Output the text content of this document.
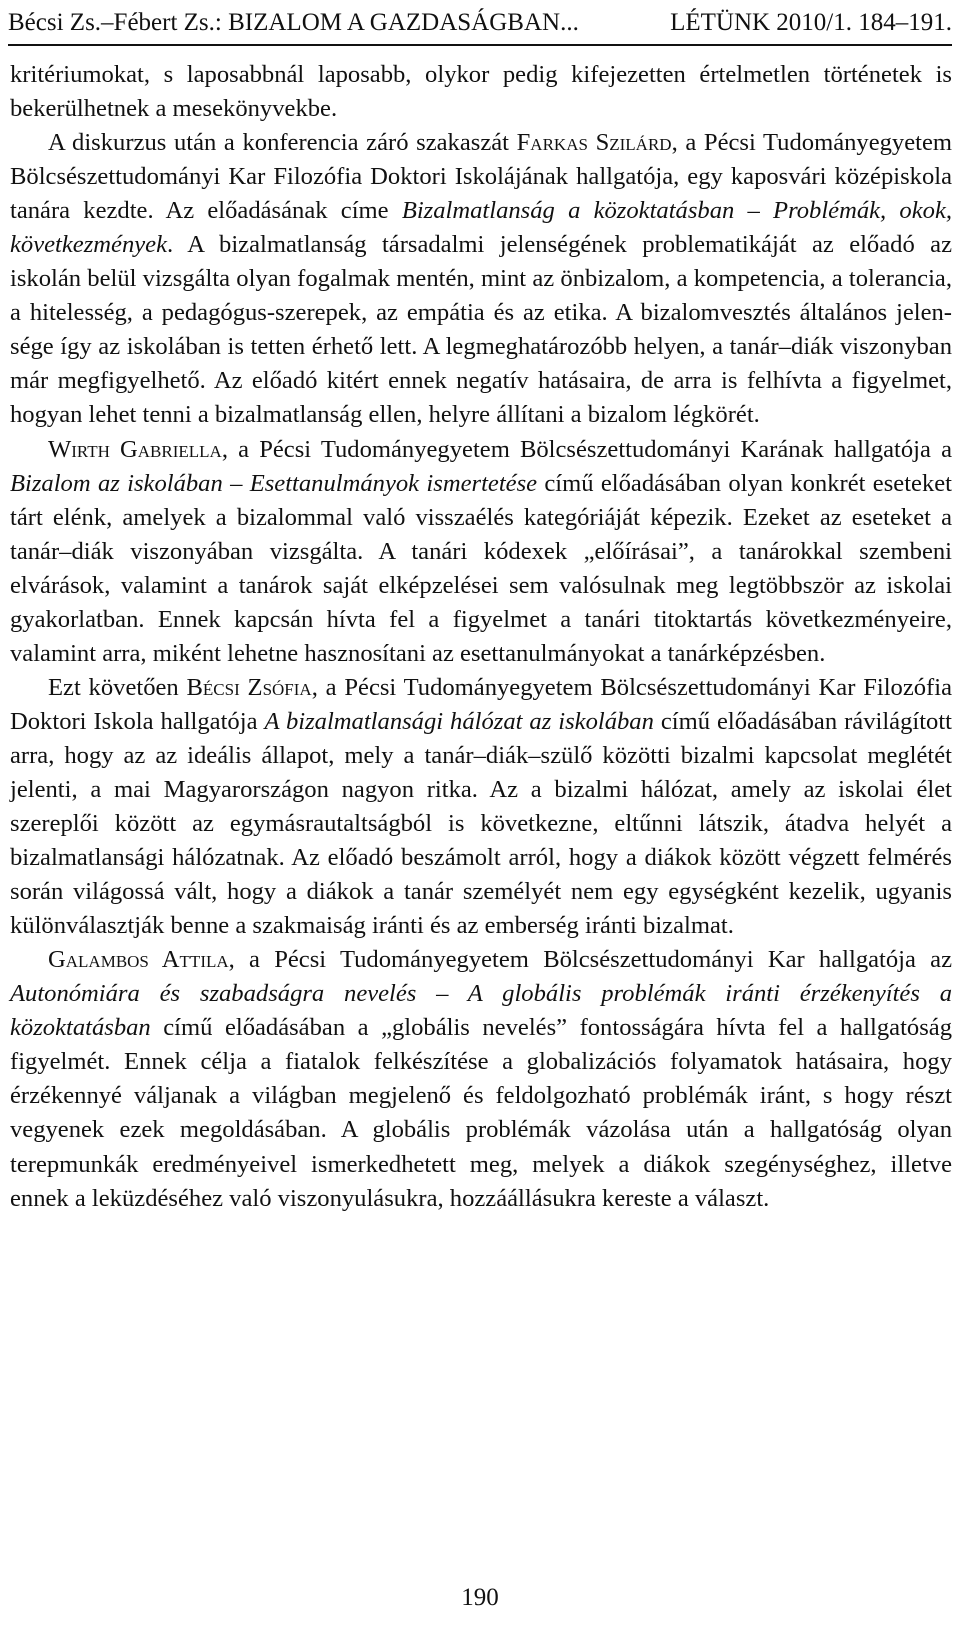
Bécsi Zs.–Fébert Zs.: BIZALOM A GAZDASÁGBAN...	LÉTÜNK 2010/1. 184–191.

kritériumokat, s laposabbnál laposabb, olykor pedig kifejezetten értelmetlen történetek is bekerülhetnek a mesekönyvekbe.

A diskurzus után a konferencia záró szakaszát Farkas Szilárd, a Pécsi Tudományegyetem Bölcsészettudományi Kar Filozófia Doktori Iskolájának hallgatója, egy kaposvári középiskola tanára kezdte. Az előadásának címe Bizalmatlanság a közoktatásban – Problémák, okok, következmények. A bizalmatlanság társadalmi jelenségének problematikáját az előadó az iskolán belül vizsgálta olyan fogalmak mentén, mint az önbizalom, a kompetencia, a tolerancia, a hitelesség, a pedagógus-szerepek, az empátia és az etika. A bizalomvesztés általános jelensége így az iskolában is tetten érhető lett. A legmeghatározóbb helyen, a tanár–diák viszonyban már megfigyelhető. Az előadó kitért ennek negatív hatásaira, de arra is felhívta a figyelmet, hogyan lehet tenni a bizalmatlanság ellen, helyre állítani a bizalom légkörét.

Wirth Gabriella, a Pécsi Tudományegyetem Bölcsészettudományi Karának hallgatója a Bizalom az iskolában – Esettanulmányok ismertetése című előadásában olyan konkrét eseteket tárt elénk, amelyek a bizalommal való visszaélés kategóriáját képezik. Ezeket az eseteket a tanár–diák viszonyában vizsgálta. A tanári kódexek „előírásai”, a tanárokkal szembeni elvárások, valamint a tanárok saját elképzelései sem valósulnak meg legtöbbször az iskolai gyakorlatban. Ennek kapcsán hívta fel a figyelmet a tanári titoktartás következményeire, valamint arra, miként lehetne hasznosítani az esettanulmányokat a tanárképzésben.

Ezt követően Bécsi Zsófia, a Pécsi Tudományegyetem Bölcsészettudományi Kar Filozófia Doktori Iskola hallgatója A bizalmatlansági hálózat az iskolában című előadásában rávilágított arra, hogy az az ideális állapot, mely a tanár–diák–szülő közötti bizalmi kapcsolat meglétét jelenti, a mai Magyarországon nagyon ritka. Az a bizalmi hálózat, amely az iskolai élet szereplői között az egymásrautaltságból is következne, eltűnni látszik, átadva helyét a bizalmatlansági hálózatnak. Az előadó beszámolt arról, hogy a diákok között végzett felmérés során világossá vált, hogy a diákok a tanár személyét nem egy egységként kezelik, ugyanis különválasztják benne a szakmaiság iránti és az emberség iránti bizalmat.

Galambos Attila, a Pécsi Tudományegyetem Bölcsészettudományi Kar hallgatója az Autonómiára és szabadságra nevelés – A globális problémák iránti érzékenyítés a közoktatásban című előadásában a „globális nevelés” fontosságára hívta fel a hallgatóság figyelmét. Ennek célja a fiatalok felkészítése a globalizációs folyamatok hatásaira, hogy érzékennyé váljanak a világban megjelenő és feldolgozható problémák iránt, s hogy részt vegyenek ezek megoldásában. A globális problémák vázolása után a hallgatóság olyan terepmunkák eredményeivel ismerkedhetett meg, melyek a diákok szegénységhez, illetve ennek a leküzdéséhez való viszonyulásukra, hozzáállásukra kereste a választ.

190
